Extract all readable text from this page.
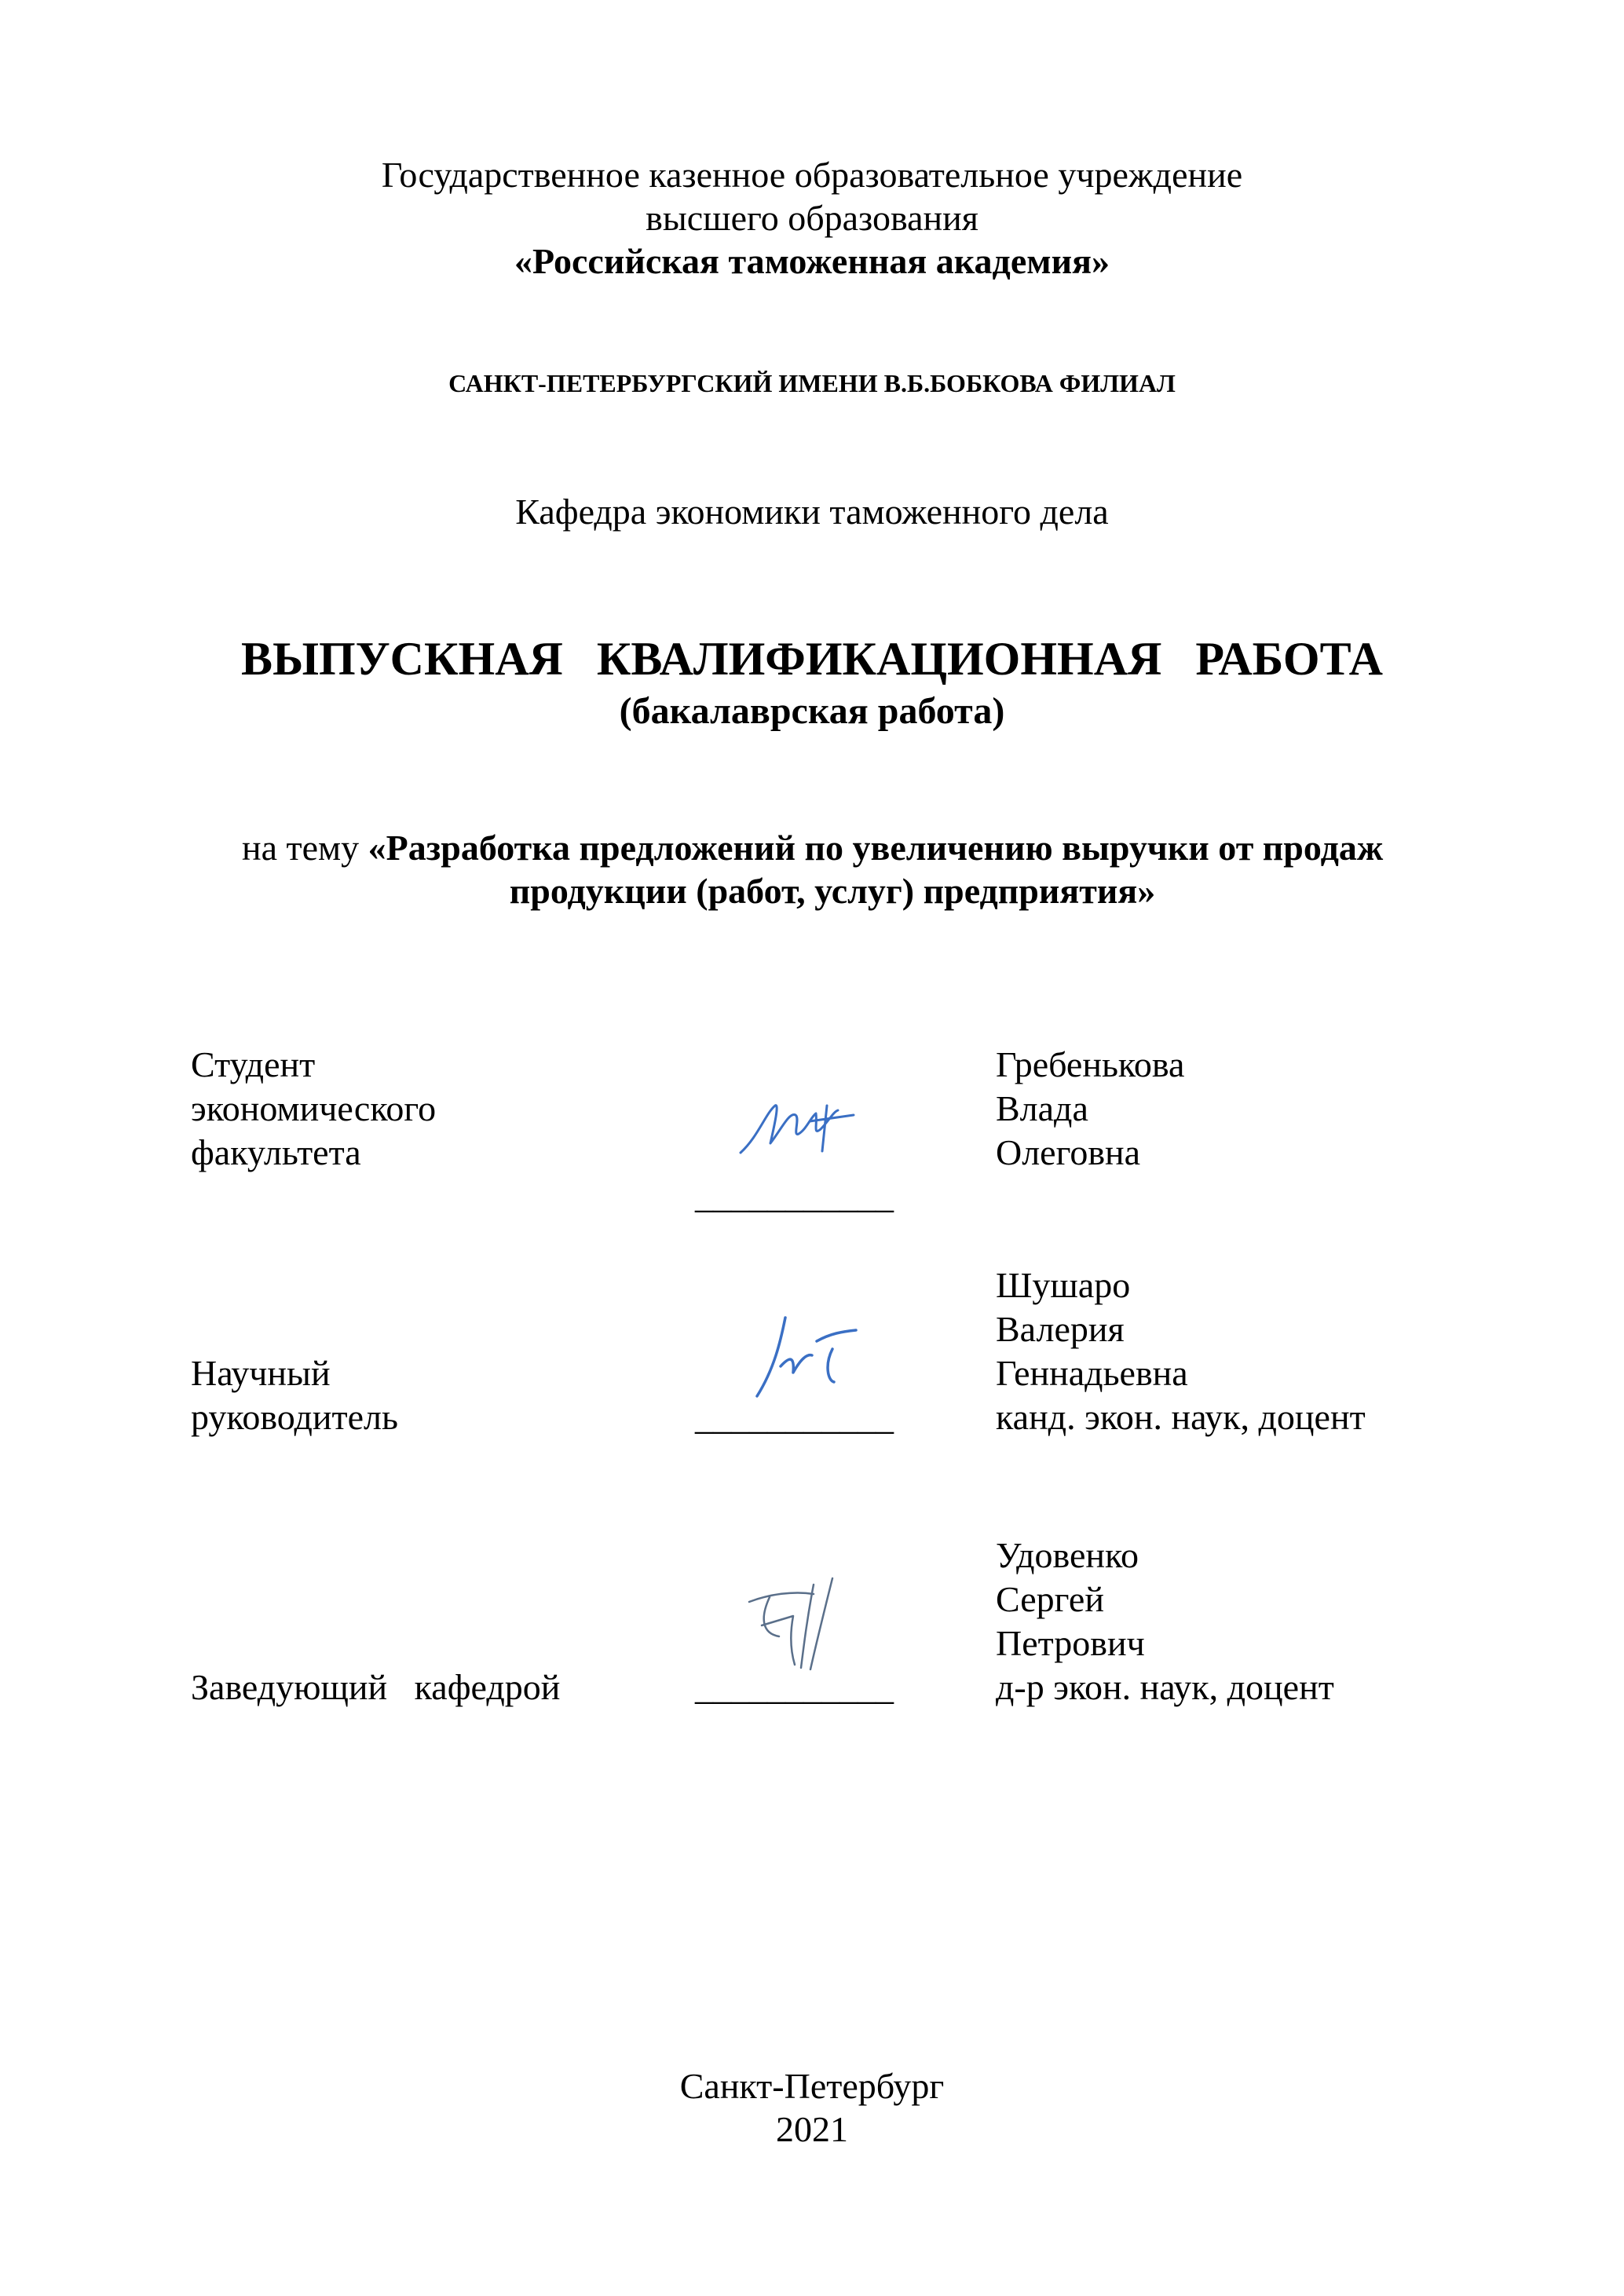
Государственное казенное образовательное учреждение
высшего образования
«Российская таможенная академия»
САНКТ-ПЕТЕРБУРГСКИЙ ИМЕНИ В.Б.БОБКОВА ФИЛИАЛ
Кафедра экономики таможенного дела
ВЫПУСКНАЯ КВАЛИФИКАЦИОННАЯ РАБОТА
(бакалаврская работа)
на тему «Разработка предложений по увеличению выручки от продаж
продукции (работ, услуг) предприятия»
Студент
экономического
факультета
___________
Гребенькова
Влада
Олеговна
Научный
руководитель	___________
Шушаро
Валерия
Геннадьевна
канд. экон. наук, доцент
Заведующий   кафедрой	___________
Удовенко
Сергей
Петрович
д-р экон. наук, доцент
Санкт-Петербург
2021
